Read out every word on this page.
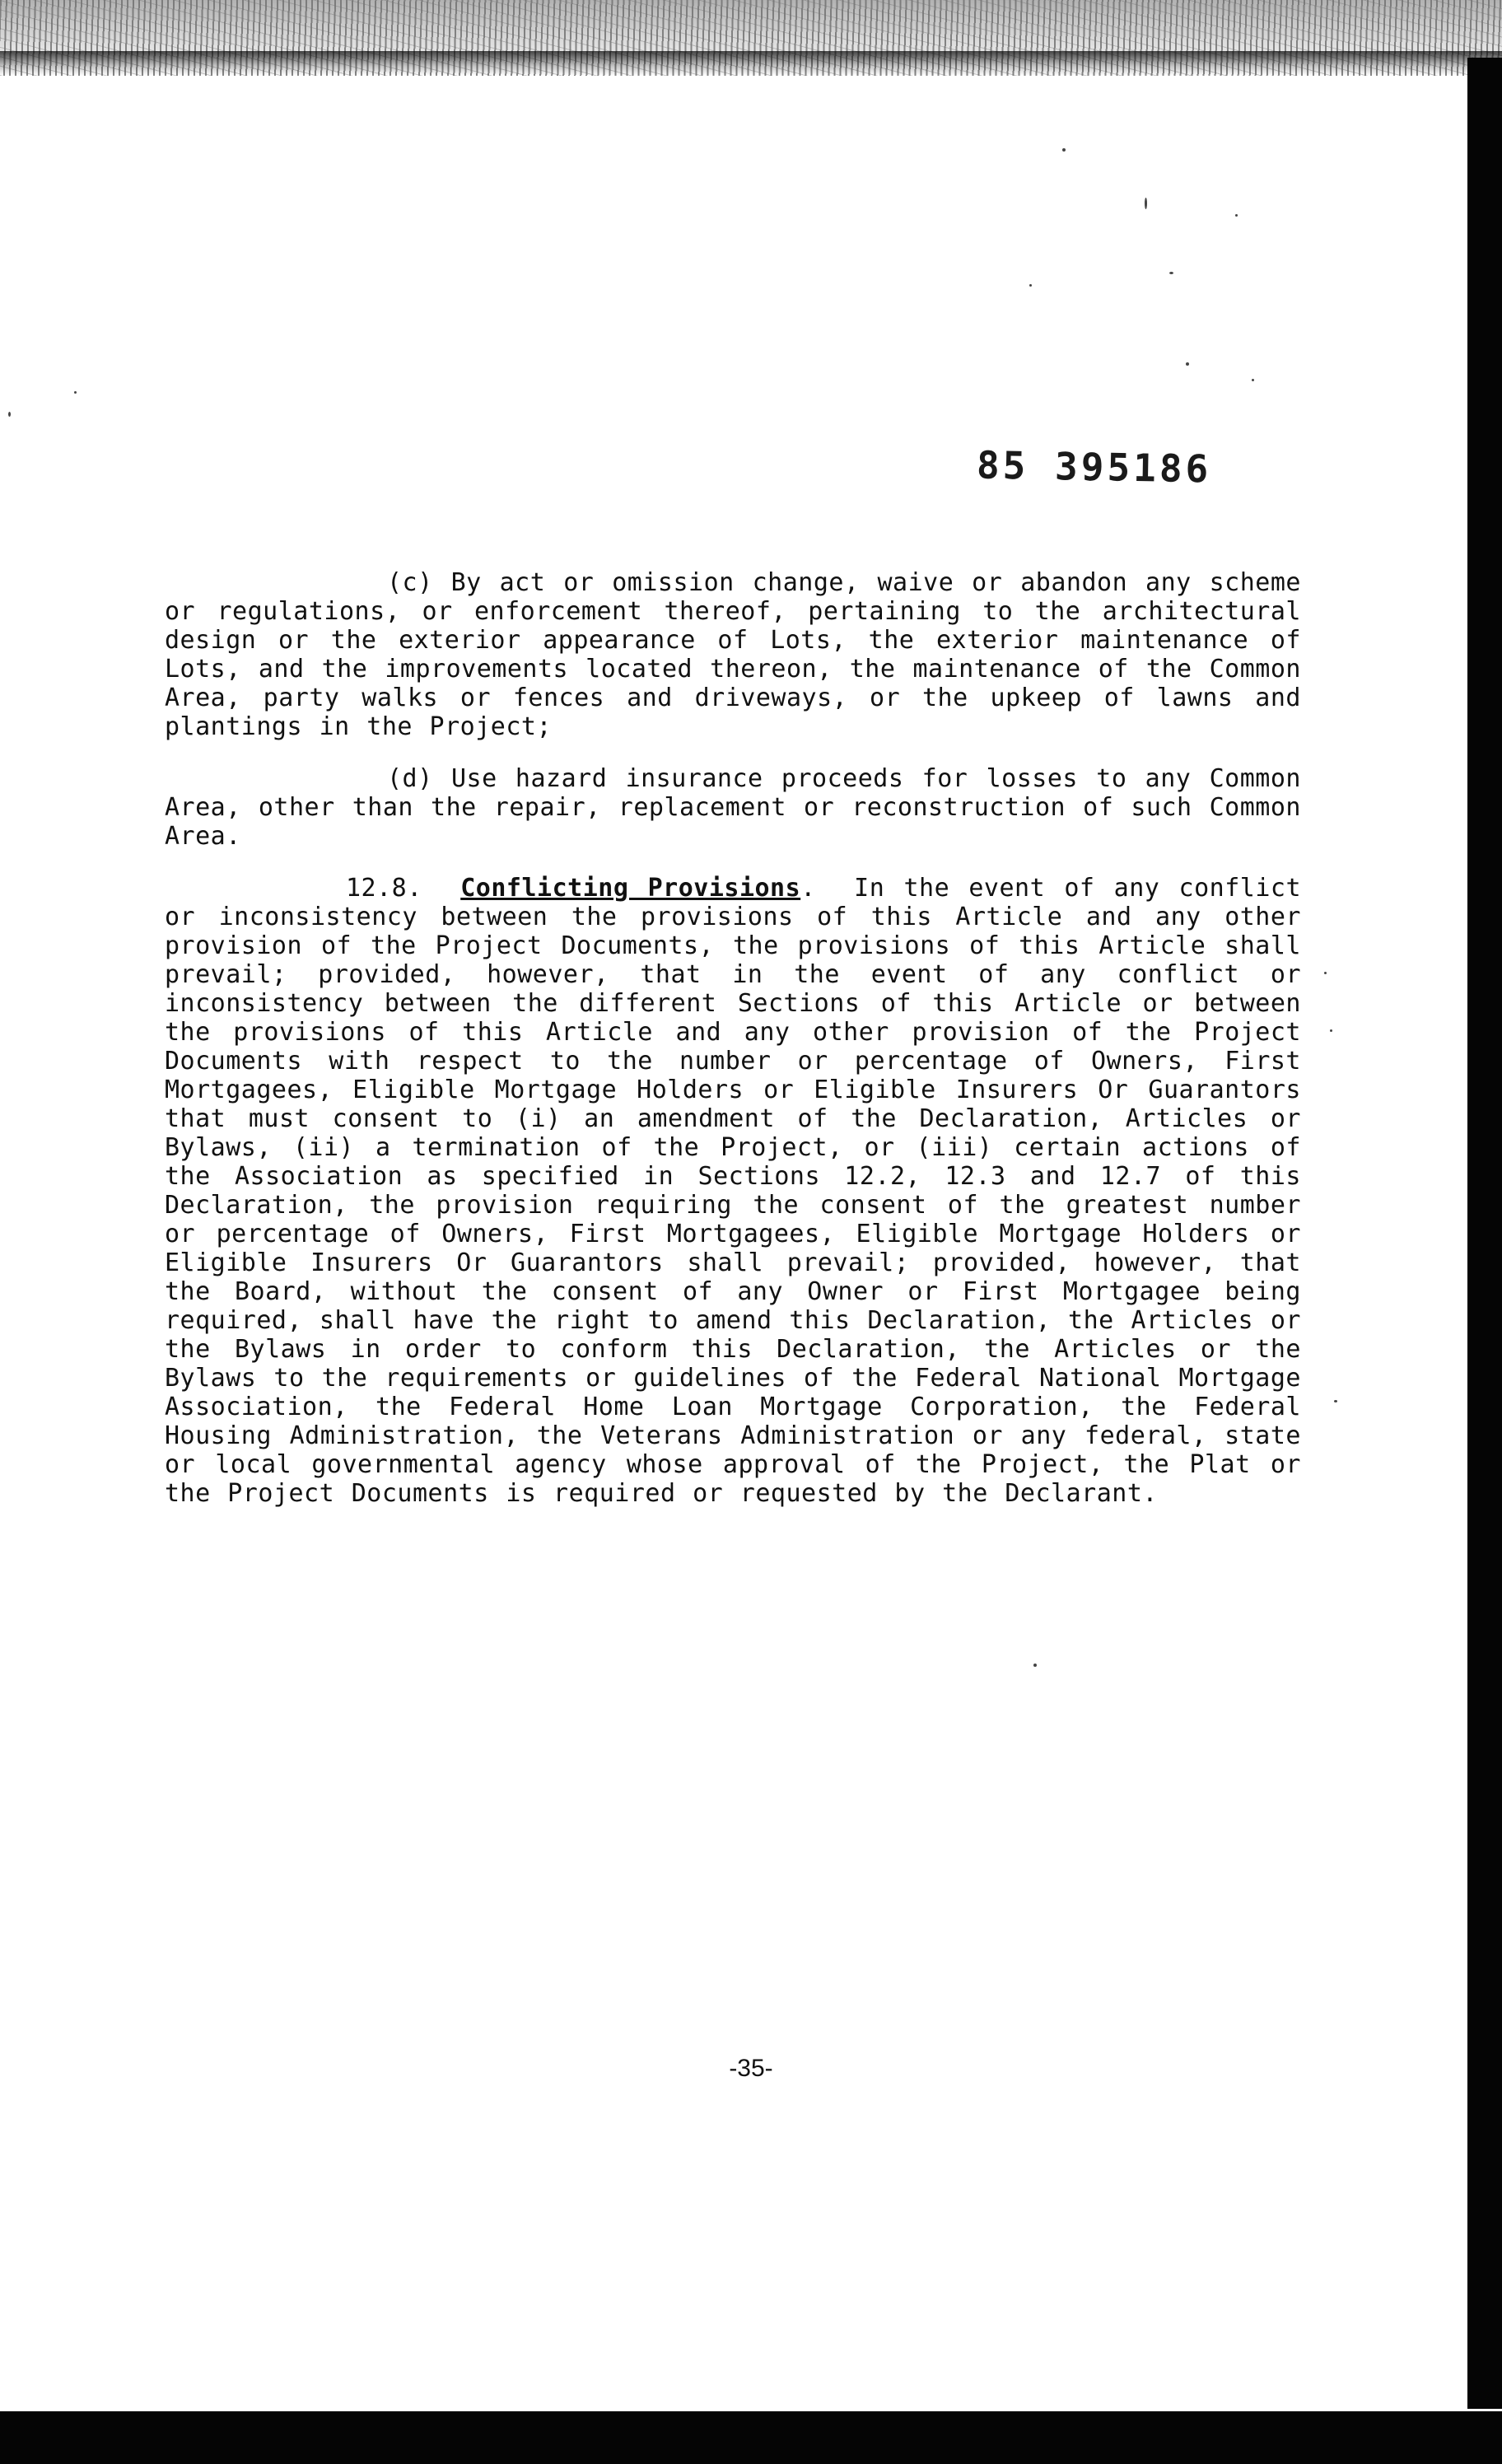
85 395186
(c) By act or omission change, waive or abandon any scheme or regulations, or enforcement thereof, pertaining to the architectural design or the exterior appearance of Lots, the exterior maintenance of Lots, and the improvements located thereon, the maintenance of the Common Area, party walks or fences and driveways, or the upkeep of lawns and plantings in the Project;
(d) Use hazard insurance proceeds for losses to any Common Area, other than the repair, replacement or reconstruction of such Common Area.
12.8. Conflicting Provisions.  In the event of any conflict or inconsistency between the provisions of this Article and any other provision of the Project Documents, the provisions of this Article shall prevail; provided, however, that in the event of any conflict or inconsistency between the different Sections of this Article or between the provisions of this Article and any other provision of the Project Documents with respect to the number or percentage of Owners, First Mortgagees, Eligible Mortgage Holders or Eligible Insurers Or Guarantors that must consent to (i) an amendment of the Declaration, Articles or Bylaws, (ii) a termination of the Project, or (iii) certain actions of the Association as specified in Sections 12.2, 12.3 and 12.7 of this Declaration, the provision requiring the consent of the greatest number or percentage of Owners, First Mortgagees, Eligible Mortgage Holders or Eligible Insurers Or Guarantors shall prevail; provided, however, that the Board, without the consent of any Owner or First Mortgagee being required, shall have the right to amend this Declaration, the Articles or the Bylaws in order to conform this Declaration, the Articles or the Bylaws to the requirements or guidelines of the Federal National Mortgage Association, the Federal Home Loan Mortgage Corporation, the Federal Housing Administration, the Veterans Administration or any federal, state or local governmental agency whose approval of the Project, the Plat or the Project Documents is required or requested by the Declarant.
-35-
